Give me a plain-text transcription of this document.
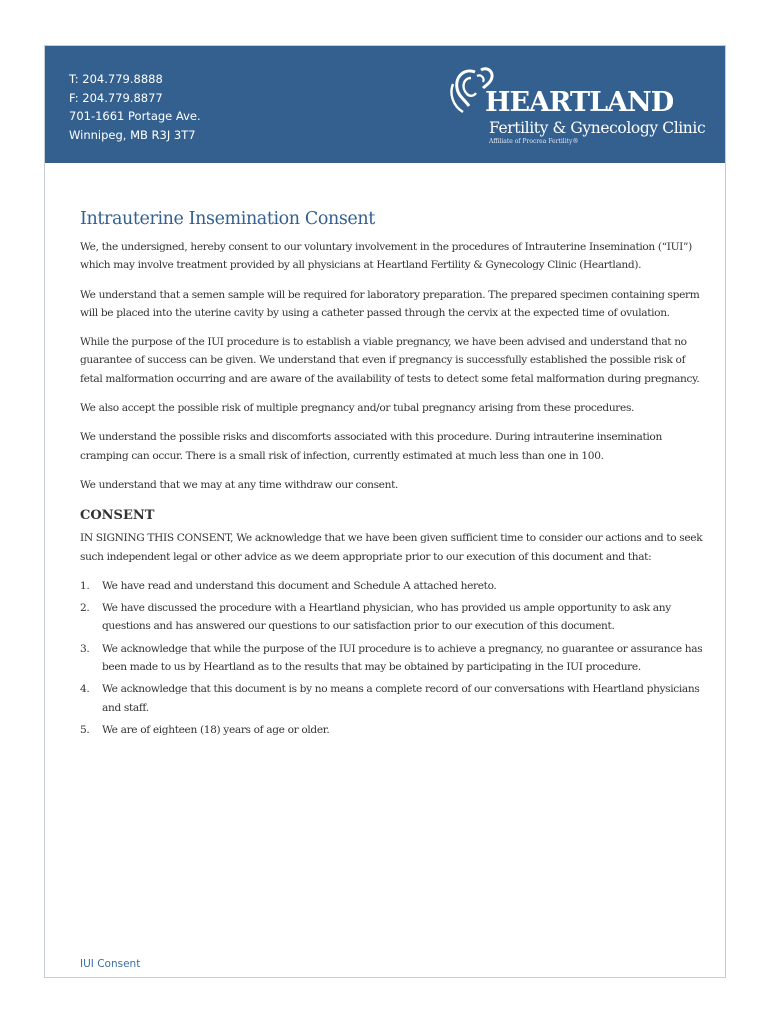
T: 204.779.8888
F: 204.779.8877
701-1661 Portage Ave.
Winnipeg, MB R3J 3T7
HEARTLAND
Fertility & Gynecology Clinic
Affiliate of Procrea Fertility®
Intrauterine Insemination Consent

We, the undersigned, hereby consent to our voluntary involvement in the procedures of Intrauterine Insemination (“IUI”) which may involve treatment provided by all physicians at Heartland Fertility & Gynecology Clinic (Heartland).

We understand that a semen sample will be required for laboratory preparation. The prepared specimen containing sperm will be placed into the uterine cavity by using a catheter passed through the cervix at the expected time of ovulation.

While the purpose of the IUI procedure is to establish a viable pregnancy, we have been advised and understand that no guarantee of success can be given. We understand that even if pregnancy is successfully established the possible risk of fetal malformation occurring and are aware of the availability of tests to detect some fetal malformation during pregnancy.

We also accept the possible risk of multiple pregnancy and/or tubal pregnancy arising from these procedures.

We understand the possible risks and discomforts associated with this procedure. During intrauterine insemination cramping can occur. There is a small risk of infection, currently estimated at much less than one in 100.

We understand that we may at any time withdraw our consent.

CONSENT

IN SIGNING THIS CONSENT, We acknowledge that we have been given sufficient time to consider our actions and to seek such independent legal or other advice as we deem appropriate prior to our execution of this document and that:

1. We have read and understand this document and Schedule A attached hereto.
2. We have discussed the procedure with a Heartland physician, who has provided us ample opportunity to ask any questions and has answered our questions to our satisfaction prior to our execution of this document.
3. We acknowledge that while the purpose of the IUI procedure is to achieve a pregnancy, no guarantee or assurance has been made to us by Heartland as to the results that may be obtained by participating in the IUI procedure.
4. We acknowledge that this document is by no means a complete record of our conversations with Heartland physicians and staff.
5. We are of eighteen (18) years of age or older.
IUI Consent
